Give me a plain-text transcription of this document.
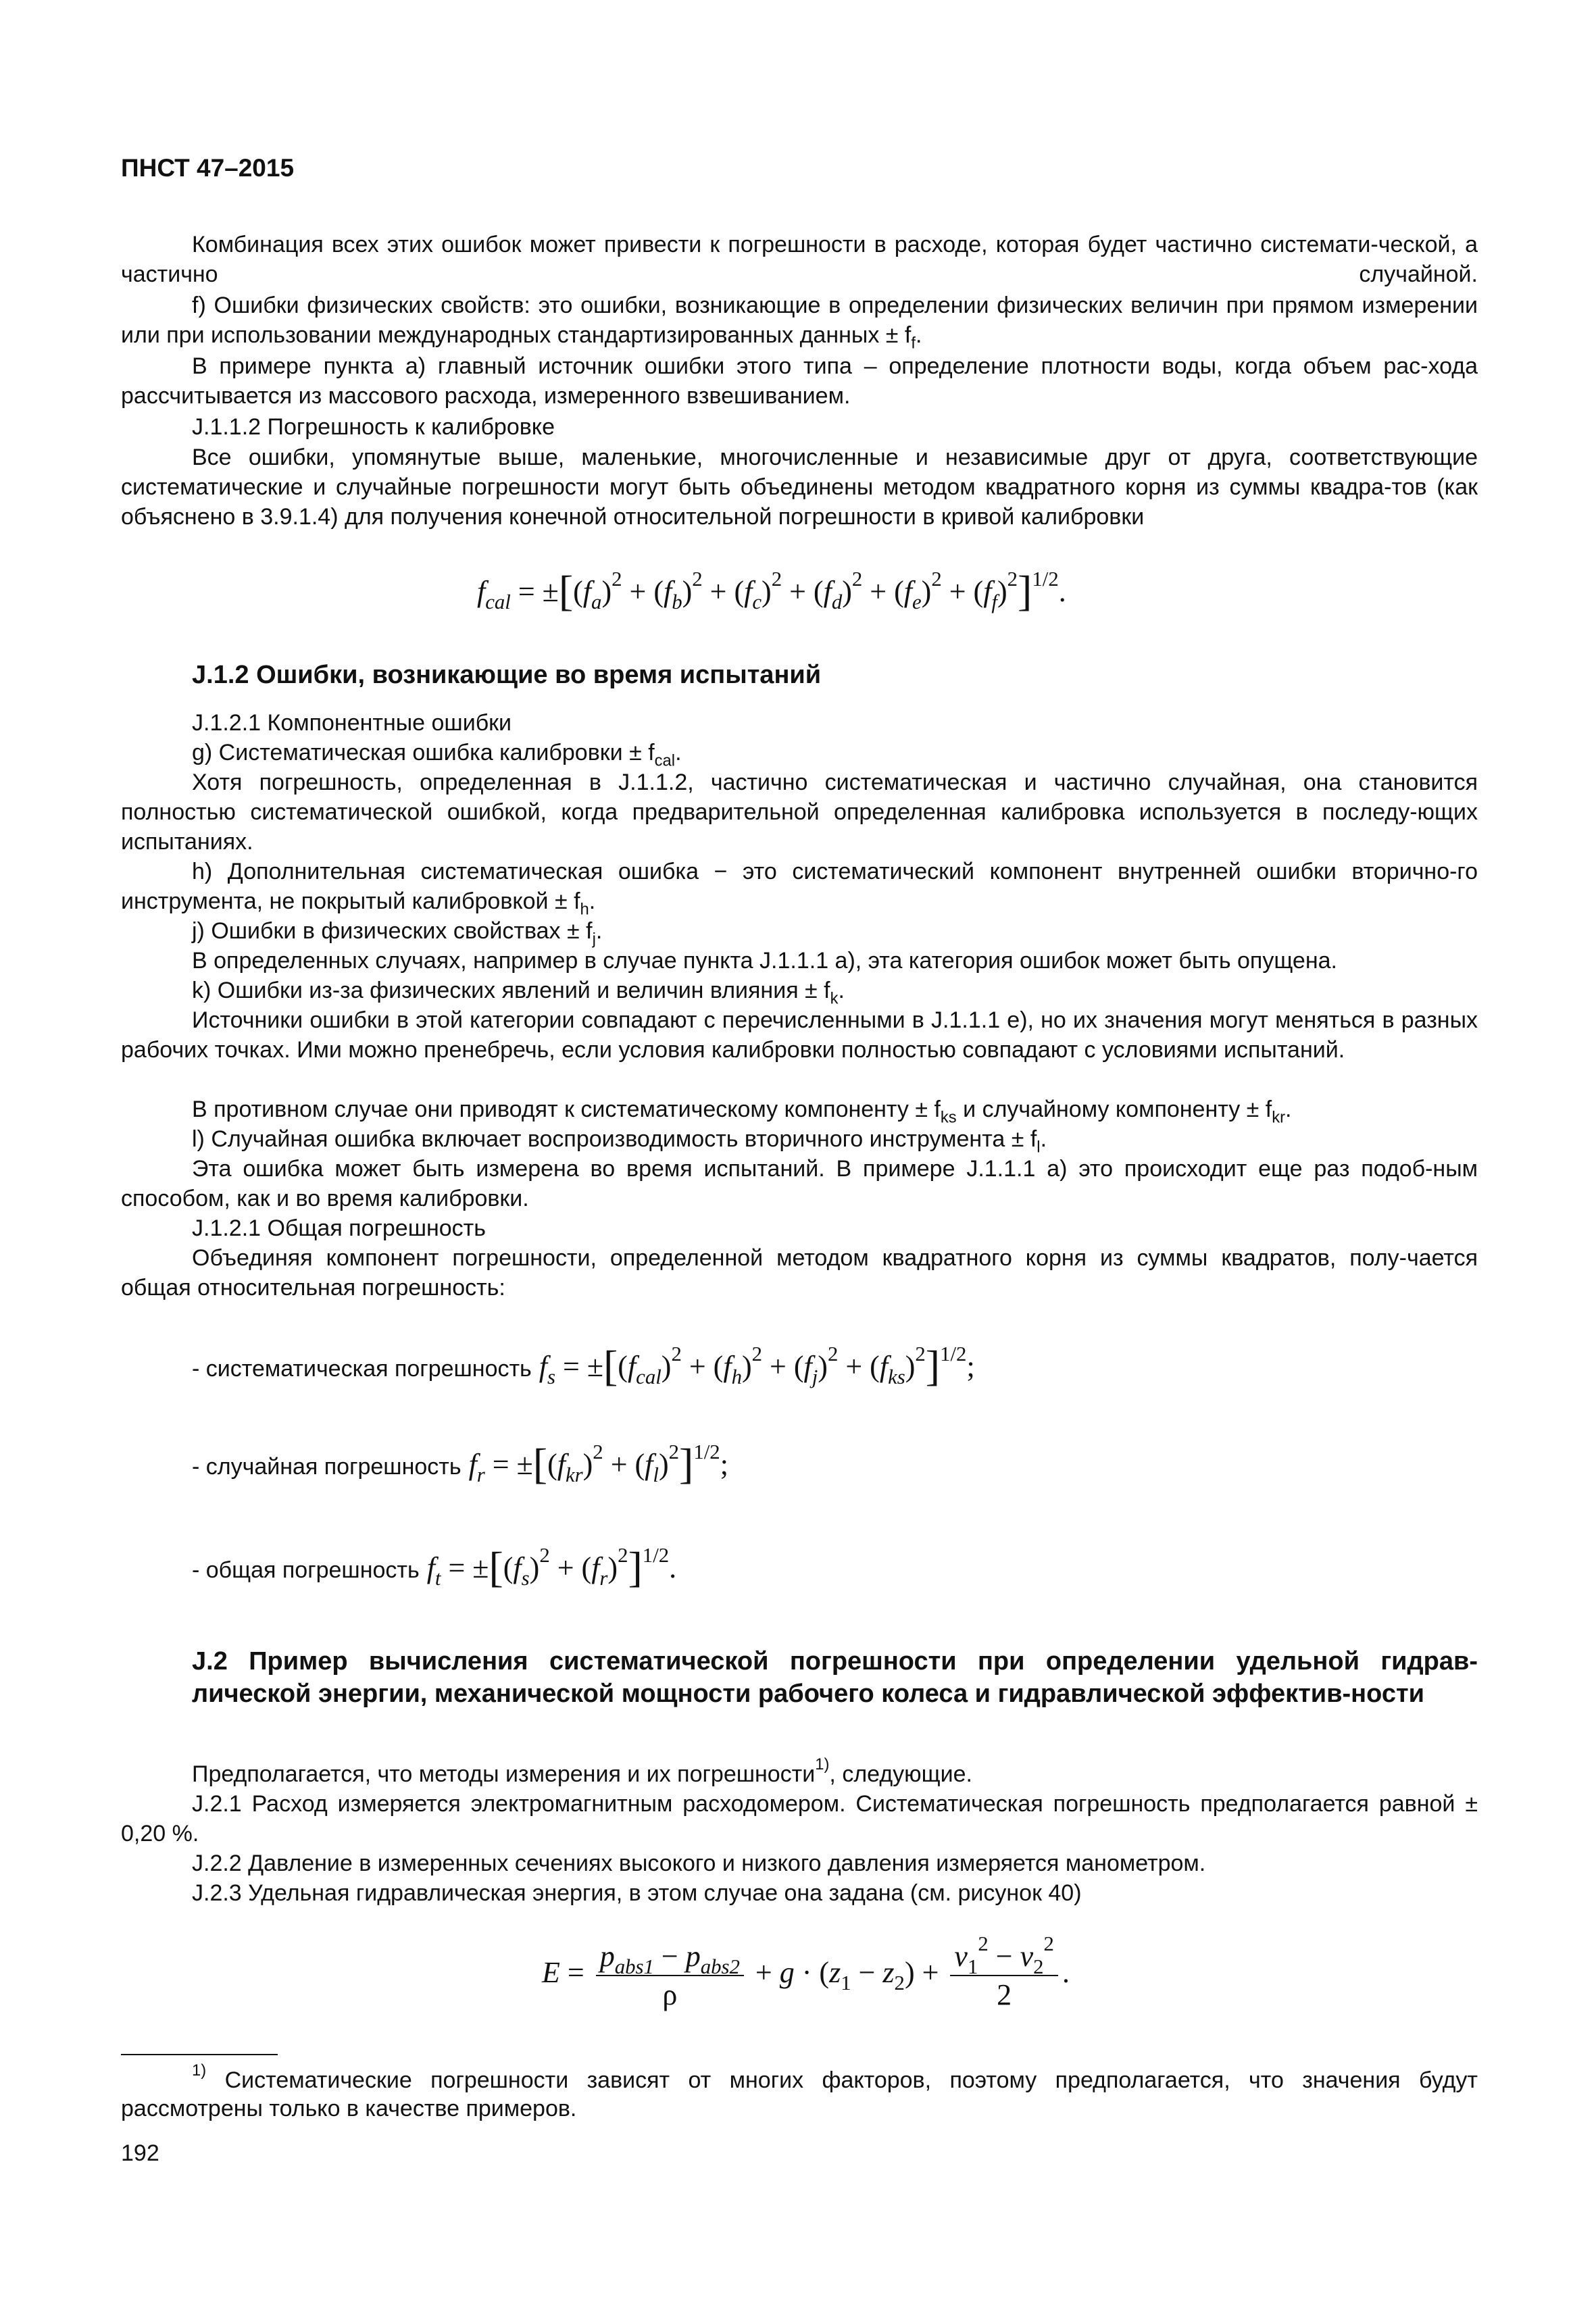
ПНСТ 47–2015
Комбинация всех этих ошибок может привести к погрешности в расходе, которая будет частично системати-ческой, а частично случайной.
f) Ошибки физических свойств: это ошибки, возникающие в определении физических величин при прямом измерении или при использовании международных стандартизированных данных ± $f_f$.
В примере пункта а) главный источник ошибки этого типа – определение плотности воды, когда объем рас-хода рассчитывается из массового расхода, измеренного взвешиванием.
J.1.1.2 Погрешность к калибровке
Все ошибки, упомянутые выше, маленькие, многочисленные и независимые друг от друга, соответствующие систематические и случайные погрешности могут быть объединены методом квадратного корня из суммы квадра-тов (как объяснено в 3.9.1.4) для получения конечной относительной погрешности в кривой калибровки
$f_{cal} = \pm[(f_a)^2 + (f_b)^2 + (f_c)^2 + (f_d)^2 + (f_e)^2 + (f_f)^2]^{1/2}$.
J.1.2 Ошибки, возникающие во время испытаний
J.1.2.1 Компонентные ошибки
g) Систематическая ошибка калибровки ± $f_{cal}$.
Хотя погрешность, определенная в J.1.1.2, частично систематическая и частично случайная, она становится полностью систематической ошибкой, когда предварительной определенная калибровка используется в последу-ющих испытаниях.
h) Дополнительная систематическая ошибка − это систематический компонент внутренней ошибки вторично-го инструмента, не покрытый калибровкой ± $f_h$.
j) Ошибки в физических свойствах ± $f_j$.
В определенных случаях, например в случае пункта J.1.1.1 а), эта категория ошибок может быть опущена.
k) Ошибки из-за физических явлений и величин влияния ± $f_k$.
Источники ошибки в этой категории совпадают с перечисленными в J.1.1.1 е), но их значения могут меняться в разных рабочих точках. Ими можно пренебречь, если условия калибровки полностью совпадают с условиями испытаний.
В противном случае они приводят к систематическому компоненту ± $f_{ks}$ и случайному компоненту ± $f_{kr}$.
l) Случайная ошибка включает воспроизводимость вторичного инструмента ± $f_l$.
Эта ошибка может быть измерена во время испытаний. В примере J.1.1.1 а) это происходит еще раз подоб-ным способом, как и во время калибровки.
J.1.2.1 Общая погрешность
Объединяя компонент погрешности, определенной методом квадратного корня из суммы квадратов, полу-чается общая относительная погрешность:
- систематическая погрешность $f_s = \pm[(f_{cal})^2 + (f_h)^2 + (f_j)^2 + (f_{ks})^2]^{1/2}$;
- случайная погрешность $f_r = \pm[(f_{kr})^2 + (f_l)^2]^{1/2}$;
- общая погрешность $f_t = \pm[(f_s)^2 + (f_r)^2]^{1/2}$.
J.2 Пример вычисления систематической погрешности при определении удельной гидрав-лической энергии, механической мощности рабочего колеса и гидравлической эффектив-ности
Предполагается, что методы измерения и их погрешности$^{1)}$, следующие.
J.2.1 Расход измеряется электромагнитным расходомером. Систематическая погрешность предполагается равной ± 0,20 %.
J.2.2 Давление в измеренных сечениях высокого и низкого давления измеряется манометром.
J.2.3 Удельная гидравлическая энергия, в этом случае она задана (см. рисунок 40)
$E = \frac{p_{abs1} - p_{abs2}}{\rho} + g \cdot (z_1 - z_2) + \frac{v_1^2 - v_2^2}{2}$ .
$^{1)}$ Систематические погрешности зависят от многих факторов, поэтому предполагается, что значения будут рассмотрены только в качестве примеров.
192
